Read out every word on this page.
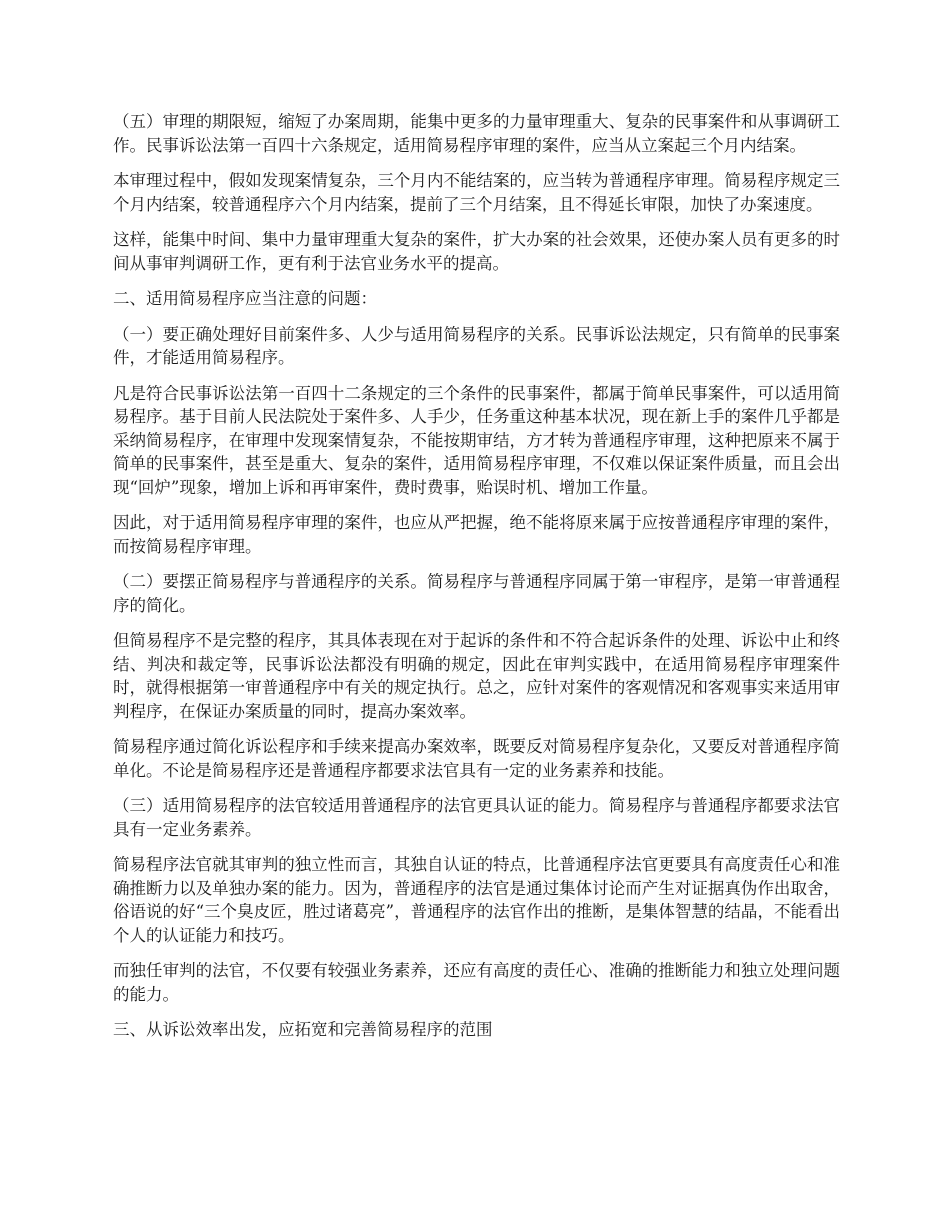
（五）审理的期限短，缩短了办案周期，能集中更多的力量审理重大、复杂的民事案件和从事调研工作。民事诉讼法第一百四十六条规定，适用简易程序审理的案件，应当从立案起三个月内结案。

本审理过程中，假如发现案情复杂，三个月内不能结案的，应当转为普通程序审理。简易程序规定三个月内结案，较普通程序六个月内结案，提前了三个月结案，且不得延长审限，加快了办案速度。

这样，能集中时间、集中力量审理重大复杂的案件，扩大办案的社会效果，还使办案人员有更多的时间从事审判调研工作，更有利于法官业务水平的提高。

二、适用简易程序应当注意的问题：

（一）要正确处理好目前案件多、人少与适用简易程序的关系。民事诉讼法规定，只有简单的民事案件，才能适用简易程序。

凡是符合民事诉讼法第一百四十二条规定的三个条件的民事案件，都属于简单民事案件，可以适用简易程序。基于目前人民法院处于案件多、人手少，任务重这种基本状况，现在新上手的案件几乎都是采纳简易程序，在审理中发现案情复杂，不能按期审结，方才转为普通程序审理，这种把原来不属于简单的民事案件，甚至是重大、复杂的案件，适用简易程序审理，不仅难以保证案件质量，而且会出现“回炉”现象，增加上诉和再审案件，费时费事，贻误时机、增加工作量。

因此，对于适用简易程序审理的案件，也应从严把握，绝不能将原来属于应按普通程序审理的案件，而按简易程序审理。

（二）要摆正简易程序与普通程序的关系。简易程序与普通程序同属于第一审程序，是第一审普通程序的简化。

但简易程序不是完整的程序，其具体表现在对于起诉的条件和不符合起诉条件的处理、诉讼中止和终结、判决和裁定等，民事诉讼法都没有明确的规定，因此在审判实践中，在适用简易程序审理案件时，就得根据第一审普通程序中有关的规定执行。总之，应针对案件的客观情况和客观事实来适用审判程序，在保证办案质量的同时，提高办案效率。

简易程序通过简化诉讼程序和手续来提高办案效率，既要反对简易程序复杂化，又要反对普通程序简单化。不论是简易程序还是普通程序都要求法官具有一定的业务素养和技能。

（三）适用简易程序的法官较适用普通程序的法官更具认证的能力。简易程序与普通程序都要求法官具有一定业务素养。

简易程序法官就其审判的独立性而言，其独自认证的特点，比普通程序法官更要具有高度责任心和准确推断力以及单独办案的能力。因为，普通程序的法官是通过集体讨论而产生对证据真伪作出取舍，俗语说的好“三个臭皮匠，胜过诸葛亮”，普通程序的法官作出的推断，是集体智慧的结晶，不能看出个人的认证能力和技巧。

而独任审判的法官，不仅要有较强业务素养，还应有高度的责任心、准确的推断能力和独立处理问题的能力。

三、从诉讼效率出发，应拓宽和完善简易程序的范围
